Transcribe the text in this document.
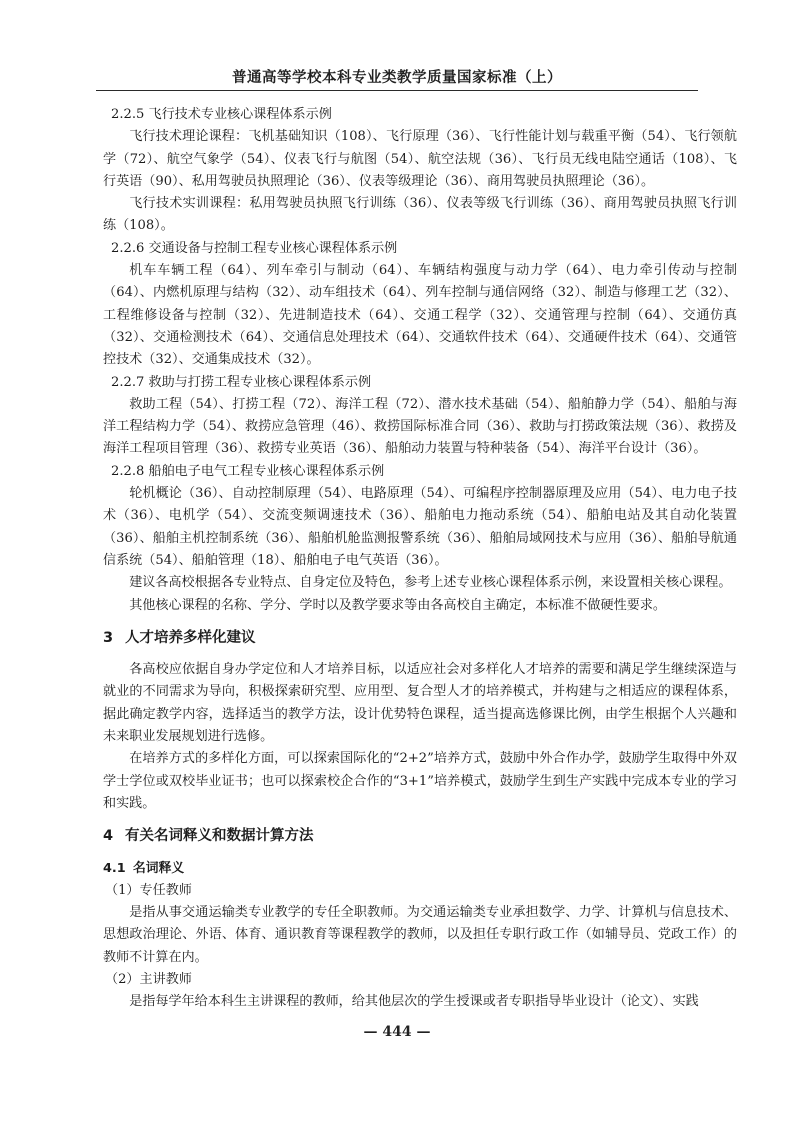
普通高等学校本科专业类教学质量国家标准（上）

2.2.5 飞行技术专业核心课程体系示例

飞行技术理论课程：飞机基础知识（108）、飞行原理（36）、飞行性能计划与载重平衡（54）、飞行领航学（72）、航空气象学（54）、仪表飞行与航图（54）、航空法规（36）、飞行员无线电陆空通话（108）、飞行英语（90）、私用驾驶员执照理论（36）、仪表等级理论（36）、商用驾驶员执照理论（36）。

飞行技术实训课程：私用驾驶员执照飞行训练（36）、仪表等级飞行训练（36）、商用驾驶员执照飞行训练（108）。

2.2.6 交通设备与控制工程专业核心课程体系示例

机车车辆工程（64）、列车牵引与制动（64）、车辆结构强度与动力学（64）、电力牵引传动与控制（64）、内燃机原理与结构（32）、动车组技术（64）、列车控制与通信网络（32）、制造与修理工艺（32）、工程维修设备与控制（32）、先进制造技术（64）、交通工程学（32）、交通管理与控制（64）、交通仿真（32）、交通检测技术（64）、交通信息处理技术（64）、交通软件技术（64）、交通硬件技术（64）、交通管控技术（32）、交通集成技术（32）。

2.2.7 救助与打捞工程专业核心课程体系示例

救助工程（54）、打捞工程（72）、海洋工程（72）、潜水技术基础（54）、船舶静力学（54）、船舶与海洋工程结构力学（54）、救捞应急管理（46）、救捞国际标准合同（36）、救助与打捞政策法规（36）、救捞及海洋工程项目管理（36）、救捞专业英语（36）、船舶动力装置与特种装备（54）、海洋平台设计（36）。

2.2.8 船舶电子电气工程专业核心课程体系示例

轮机概论（36）、自动控制原理（54）、电路原理（54）、可编程序控制器原理及应用（54）、电力电子技术（36）、电机学（54）、交流变频调速技术（36）、船舶电力拖动系统（54）、船舶电站及其自动化装置（36）、船舶主机控制系统（36）、船舶机舱监测报警系统（36）、船舶局域网技术与应用（36）、船舶导航通信系统（54）、船舶管理（18）、船舶电子电气英语（36）。

建议各高校根据各专业特点、自身定位及特色，参考上述专业核心课程体系示例，来设置相关核心课程。

其他核心课程的名称、学分、学时以及教学要求等由各高校自主确定，本标准不做硬性要求。

3 人才培养多样化建议

各高校应依据自身办学定位和人才培养目标，以适应社会对多样化人才培养的需要和满足学生继续深造与就业的不同需求为导向，积极探索研究型、应用型、复合型人才的培养模式，并构建与之相适应的课程体系，据此确定教学内容，选择适当的教学方法，设计优势特色课程，适当提高选修课比例，由学生根据个人兴趣和未来职业发展规划进行选修。

在培养方式的多样化方面，可以探索国际化的“2+2”培养方式，鼓励中外合作办学，鼓励学生取得中外双学士学位或双校毕业证书；也可以探索校企合作的“3+1”培养模式，鼓励学生到生产实践中完成本专业的学习和实践。

4 有关名词释义和数据计算方法

4.1 名词释义

（1）专任教师

是指从事交通运输类专业教学的专任全职教师。为交通运输类专业承担数学、力学、计算机与信息技术、思想政治理论、外语、体育、通识教育等课程教学的教师，以及担任专职行政工作（如辅导员、党政工作）的教师不计算在内。

（2）主讲教师

是指每学年给本科生主讲课程的教师，给其他层次的学生授课或者专职指导毕业设计（论文）、实践

— 444 —
